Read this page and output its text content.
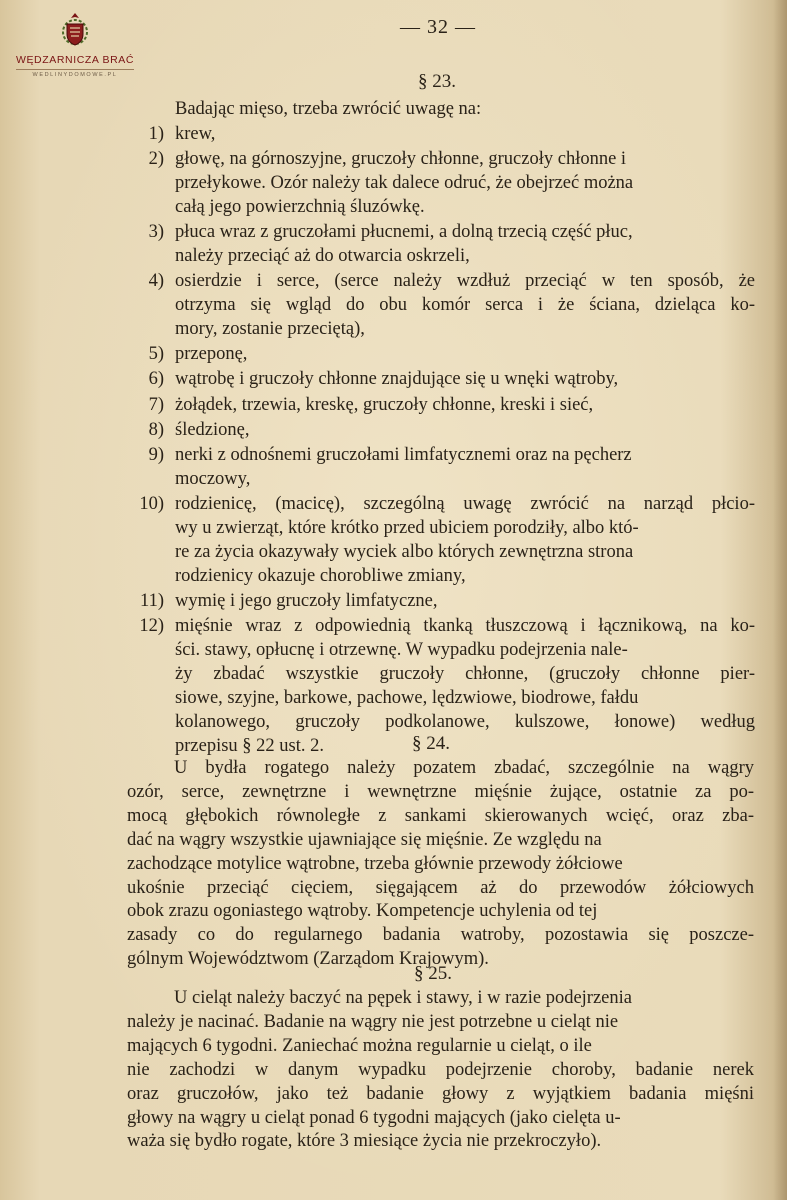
WĘDZARNICZA BRAĆ
WEDLINYDOMOWE.PL
— 32 —
§ 23.
Badając mięso, trzeba zwrócić uwagę na:
1) krew,
2) głowę, na górnoszyjne, gruczoły chłonne, gruczoły chłonne i
przełykowe. Ozór należy tak dalece odruć, że obejrzeć można
całą jego powierzchnią śluzówkę.
3) płuca wraz z gruczołami płucnemi, a dolną trzecią część płuc,
należy przeciąć aż do otwarcia oskrzeli,
4) osierdzie i serce, (serce należy wzdłuż przeciąć w ten sposób, że
otrzyma się wgląd do obu komór serca i że ściana, dzieląca ko-
mory, zostanie przeciętą),
5) przeponę,
6) wątrobę i gruczoły chłonne znajdujące się u wnęki wątroby,
7) żołądek, trzewia, kreskę, gruczoły chłonne, kreski i sieć,
8) śledzionę,
9) nerki z odnośnemi gruczołami limfatycznemi oraz na pęcherz
moczowy,
10) rodzienicę, (macicę), szczególną uwagę zwrócić na narząd płcio-
wy u zwierząt, które krótko przed ubiciem porodziły, albo któ-
re za życia okazywały wyciek albo których zewnętrzna strona
rodzienicy okazuje chorobliwe zmiany,
11) wymię i jego gruczoły limfatyczne,
12) mięśnie wraz z odpowiednią tkanką tłuszczową i łącznikową, na ko-
ści. stawy, opłucnę i otrzewnę. W wypadku podejrzenia nale-
ży zbadać wszystkie gruczoły chłonne, (gruczoły chłonne pier-
siowe, szyjne, barkowe, pachowe, lędzwiowe, biodrowe, fałdu
kolanowego, gruczoły podkolanowe, kulszowe, łonowe) według
przepisu § 22 ust. 2.	§ 24.
U bydła rogatego należy pozatem zbadać, szczególnie na wągry
ozór, serce, zewnętrzne i wewnętrzne mięśnie żujące, ostatnie za po-
mocą głębokich równoległe z sankami skierowanych wcięć, oraz zba-
dać na wągry wszystkie ujawniające się mięśnie. Ze względu na
zachodzące motylice wątrobne, trzeba głównie przewody żółciowe
ukośnie przeciąć cięciem, sięgającem aż do przewodów żółciowych
obok zrazu ogoniastego wątroby. Kompetencje uchylenia od tej
zasady co do regularnego badania watroby, pozostawia się poszcze-
gólnym Województwom (Zarządom Krajowym).
§ 25.
U cieląt należy baczyć na pępek i stawy, i w razie podejrzenia
należy je nacinać. Badanie na wągry nie jest potrzebne u cieląt nie
mających 6 tygodni. Zaniechać można regularnie u cieląt, o ile
nie zachodzi w danym wypadku podejrzenie choroby, badanie nerek
oraz gruczołów, jako też badanie głowy z wyjątkiem badania mięśni
głowy na wągry u cieląt ponad 6 tygodni mających (jako cielęta u-
waża się bydło rogate, które 3 miesiące życia nie przekroczyło).
